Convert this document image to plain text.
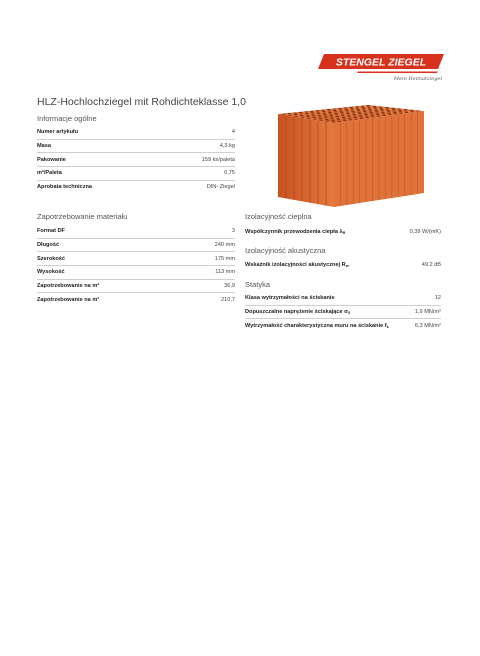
STENGEL ZIEGEL
Mein Heimatziegel
HLZ-Hochlochziegel mit Rohdichteklasse 1,0
Informacje ogólne
Numer artykułu	4
Masa	4,3 kg
Pakowanie	159 ks/paleta
m²/Paleta	0,75
Aprobata techniczna	DIN- Ziegel
Zapotrzebowanie materiału
Format DF	3
Długość	240 mm
Szerokość	175 mm
Wysokość	113 mm
Zapotrzebowanie na m²	36,9
Zapotrzebowanie na m³	210,7
Izolacyjność cieplna
Współczynnik przewodzenia ciepła $\lambda_R$	0,39 W/(mK)
Izolacyjność akustyczna
Wskaźnik izolacyjności akustycznej $R_w$	49,2 dB
Statyka
Klasa wytrzymałości na ściskanie	12
Dopuszczalne naprężenie ściskające $\sigma_0$	1,9 MN/m²
Wytrzymałość charakterystyczna muru na ściskanie $f_k$	6,3 MN/m²
